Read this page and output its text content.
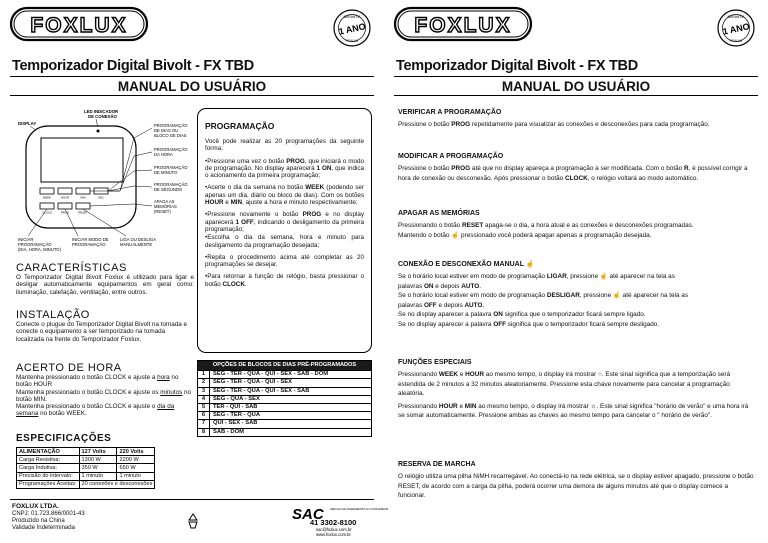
FOXLUX	GARANTIA
1 ANO
FOXLUX
Temporizador Digital Bivolt - FX TBD
MANUAL DO USUÁRIO
LED INDICADOR
DE CONEXÃO
DISPLAY
WEEK	HOUR	MIN	SEC
CLOCK	PROG	RESET
PROGRAMAÇÃO
DE DIAS OU
BLOCO DE DIAS
PROGRAMAÇÃO
DA HORA
PROGRAMAÇÃO
DE MINUTO
PROGRAMAÇÃO
DE SEGUNDO
APAGA AS
MEMÓRIAS
(RESET)
INICIAR
PROGRAMAÇÃO
(DIA, HORA, MINUTO)
INICIAR MODO DE
PROGRAMAÇÃO
LIGA OU DESLIGA
MANUALMENTE
CARACTERÍSTICAS

O Temporizador Digital Bivolt Foxlux é utilizado para ligar e desligar automaticamente equipamentos em geral como: iluminação, calefação, ventilação, entre outros.

INSTALAÇÃO

Conecte o plugue do Temporizador Digital Bivolt na tomada e conecte o equipamento a ser temporizado na tomada localizada na frente do Temporizador Foxlux.

ACERTO DE HORA

Mantenha pressionado o botão CLOCK e ajuste a hora no botão HOUR

Mantenha pressionado o botão CLOCK e ajuste os minutos no botão MIN.

Mantenha pressionado o botão CLOCK e ajuste o dia da semana no botão WEEK.

ESPECIFICAÇÕES
ALIMENTAÇÃO	127 Volts	220 Volts
Carga Resistiva:	1300 W	2200 W
Carga Indutiva:	350 W	650 W
Precisão do intervalo:	1 minuto	1 minuto
Programações Aceitas:	20 conexões e desconexões	
PROGRAMAÇÃO

Você pode realizar as 20 programações da seguinte forma;

•Pressione uma vez o botão PROG, que iniciará o modo de programação. No display aparecerá 1 ON, que indica o acionamento da primeira programação;

•Acerte o dia da semana no botão WEEK (podendo ser apenas um dia, diário ou bloco de dias). Com os botões HOUR e MIN, ajuste a hora e minuto respectivamente;

•Pressione novamente o botão PROG e no display aparecerá 1 OFF, indicando o desligamento da primeira programação;

•Escolha o dia da semana, hora e minuto para desligamento da programação desejada;

•Repita o procedimento acima até completar as 20 programações se desejar.

•Para retornar à função de relógio, basta pressionar o botão CLOCK.

OPÇÕES DE BLOCOS DE DIAS PRÉ-PROGRAMADOS	
1	SEG - TER - QUA - QUI - SEX - SAB - DOM
2	SEG - TER - QUA - QUI - SEX
3	SEG - TER - QUA - QUI - SEX - SAB
4	SEG - QUA - SEX
5	TER - QUI - SAB
6	SEG - TER - QUA
7	QUI - SEX - SAB
8	SAB - DOM
FOXLUX LTDA.
CNPJ: 01.723.866/0001-43
Produzido na China
Validade Indeterminada
SAC	SERVIÇO DE ATENDIMENTO AO CONSUMIDOR
41 3302-8100
sac@foxlux.com.br
www.foxlux.com.br
FOXLUX	GARANTIA
1 ANO
FOXLUX
Temporizador Digital Bivolt - FX TBD
MANUAL DO USUÁRIO
VERIFICAR A PROGRAMAÇÃO

Pressione o botão PROG repetidamente para visualizar as conexões e desconexões para cada programação.

MODIFICAR A PROGRAMAÇÃO

Pressione o botão PROG até que no display apareça a programação a ser modificada. Com o botão R, é possível corrigir a hora de conexão ou desconexão. Após pressionar o botão CLOCK, o relógio voltará ao modo automático.

APAGAR AS MEMÓRIAS

Pressionando o botão RESET apaga-se o dia, a hora atual e as conexões e desconexões programadas.
Mantendo o botão ☝ pressionado você poderá apagar apenas a programação desejada.

CONEXÃO E DESCONEXÃO MANUAL ☝

Se o horário local estiver em modo de programação LIGAR, pressione ☝ até aparecer na tela as
palavras ON e depois AUTO.

Se o horário local estiver em modo de programação DESLIGAR, pressione ☝ até aparecer na tela as
palavras OFF e depois AUTO.

Se no display aparecer a palavra ON significa que o temporizador ficará sempre ligado.

Se no display aparecer a palavra OFF significa que o temporizador ficará sempre desligado.

FUNÇÕES ESPECIAIS

Pressionando WEEK e HOUR ao mesmo tempo, o display irá mostrar ○. Este sinal significa que a temporização será estendida de 2 minutos a 32 minutos aleatoriamente. Pressione esta chave novamente para cancelar a programação aleatória.

Pressionando HOUR e MIN ao mesmo tempo, o display irá mostrar ☼. Este sinal significa "horário de verão" e uma hora irá se somar automaticamente. Pressione ambas as chaves ao mesmo tempo para cancelar o " horário de verão".

RESERVA DE MARCHA

O relógio utiliza uma pilha NiMH recarregável. Ao conectá-lo na rede elétrica, se o display estiver apagado, pressione o botão RESET, de acordo com a carga da pilha, poderá ocorrer uma demora de alguns minutos até que o display comece a funcionar.
